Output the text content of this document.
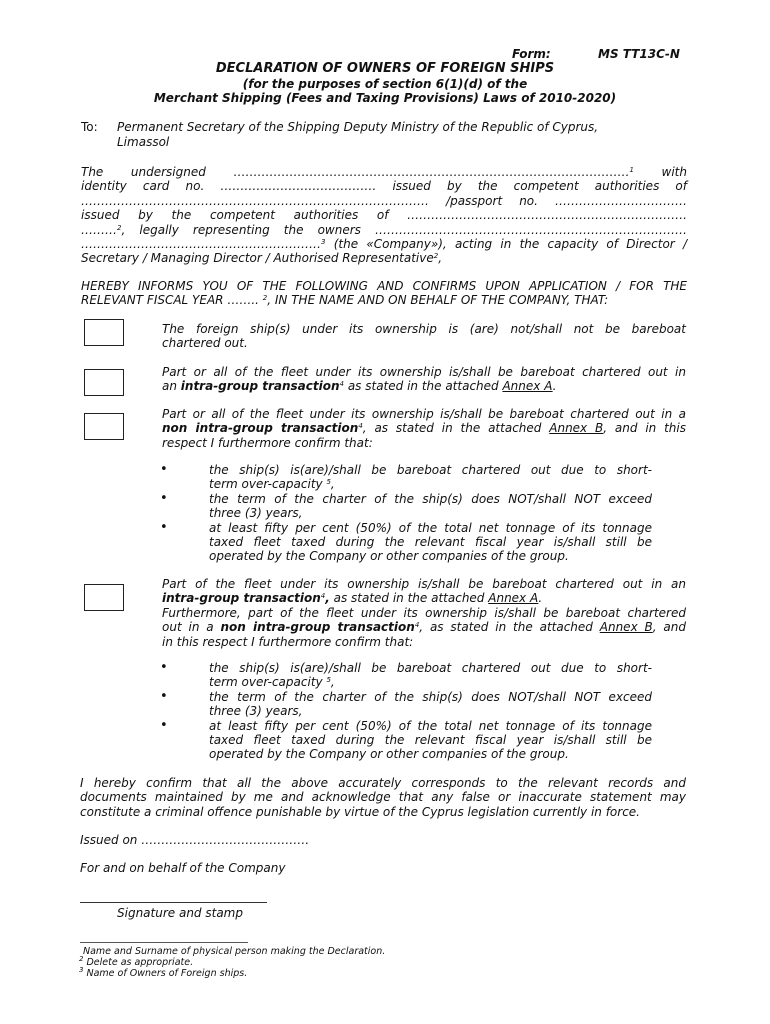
Form:	MS TT13C-N
DECLARATION OF OWNERS OF FOREIGN SHIPS
(for the purposes of section 6(1)(d) of the
Merchant Shipping (Fees and Taxing Provisions) Laws of 2010-2020)
To: Permanent Secretary of the Shipping Deputy Ministry of the Republic of Cyprus,
Limassol
The undersigned ………………………………………………………………………………………$^1$ with
identity card no. ………………………………… issued by the competent authorities of
…………………………………………………………………………… /passport no. ……………………………
issued by the competent authorities of …………………………………………………………….
………$^2$, legally representing the owners ……………………………………………………………………
……………………………………………………$^3$ (the «Company»), acting in the capacity of Director /
Secretary / Managing Director / Authorised Representative$^2$,
HEREBY INFORMS YOU OF THE FOLLOWING AND CONFIRMS UPON APPLICATION / FOR THE
RELEVANT FISCAL YEAR …….. $^2$, IN THE NAME AND ON BEHALF OF THE COMPANY, THAT:
The foreign ship(s) under its ownership is (are) not/shall not be bareboat
chartered out.
Part or all of the fleet under its ownership is/shall be bareboat chartered out in
an intra-group transaction$^4$ as stated in the attached Annex A.
Part or all of the fleet under its ownership is/shall be bareboat chartered out in a
non intra-group transaction$^4$, as stated in the attached Annex B, and in this
respect I furthermore confirm that:
•
•
•
the ship(s) is(are)/shall be bareboat chartered out due to short-
term over-capacity $^5$,
the term of the charter of the ship(s) does NOT/shall NOT exceed
three (3) years,
at least fifty per cent (50%) of the total net tonnage of its tonnage
taxed fleet taxed during the relevant fiscal year is/shall still be
operated by the Company or other companies of the group.
Part of the fleet under its ownership is/shall be bareboat chartered out in an
intra-group transaction$^4$, as stated in the attached Annex A.
Furthermore, part of the fleet under its ownership is/shall be bareboat chartered
out in a non intra-group transaction$^4$, as stated in the attached Annex B, and
in this respect I furthermore confirm that:
•
•
•
the ship(s) is(are)/shall be bareboat chartered out due to short-
term over-capacity $^5$,
the term of the charter of the ship(s) does NOT/shall NOT exceed
three (3) years,
at least fifty per cent (50%) of the total net tonnage of its tonnage
taxed fleet taxed during the relevant fiscal year is/shall still be
operated by the Company or other companies of the group.
I hereby confirm that all the above accurately corresponds to the relevant records and
documents maintained by me and acknowledge that any false or inaccurate statement may
constitute a criminal offence punishable by virtue of the Cyprus legislation currently in force.
Issued on ……………………………………
For and on behalf of the Company
Signature and stamp
Name and Surname of physical person making the Declaration.
$^2$ Delete as appropriate.
$^3$ Name of Owners of Foreign ships.
